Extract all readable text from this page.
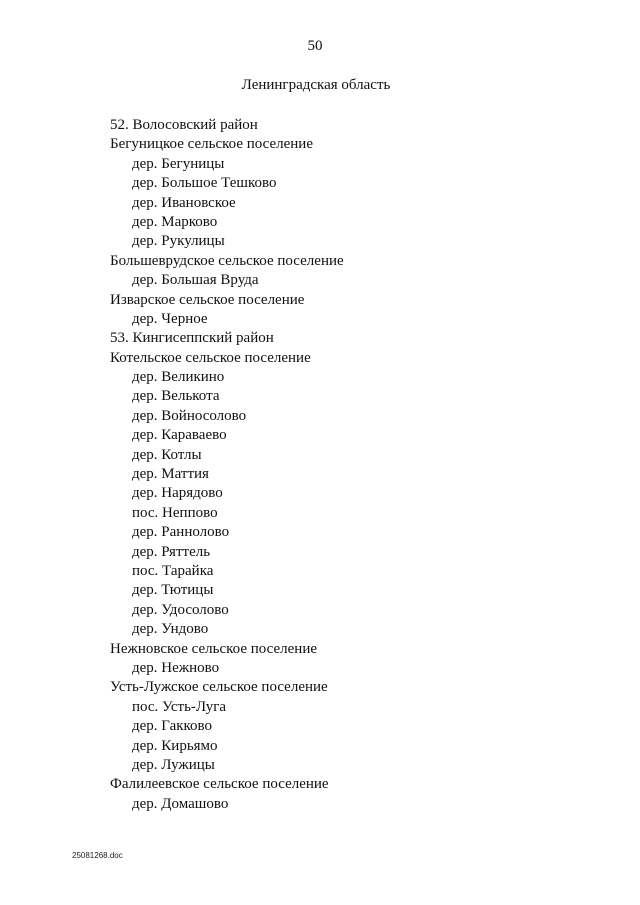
50
Ленинградская область
52. Волосовский район
Бегуницкое сельское поселение
дер. Бегуницы
дер. Большое Тешково
дер. Ивановское
дер. Марково
дер. Рукулицы
Большеврудское сельское поселение
дер. Большая Вруда
Изварское сельское поселение
дер. Черное
53. Кингисеппский район
Котельское сельское поселение
дер. Великино
дер. Велькота
дер. Войносолово
дер. Караваево
дер. Котлы
дер. Маттия
дер. Нарядово
пос. Неппово
дер. Раннолово
дер. Ряттель
пос. Тарайка
дер. Тютицы
дер. Удосолово
дер. Ундово
Нежновское сельское поселение
дер. Нежново
Усть-Лужское сельское поселение
пос. Усть-Луга
дер. Гакково
дер. Кирьямо
дер. Лужицы
Фалилеевское сельское поселение
дер. Домашово
25081268.doc
